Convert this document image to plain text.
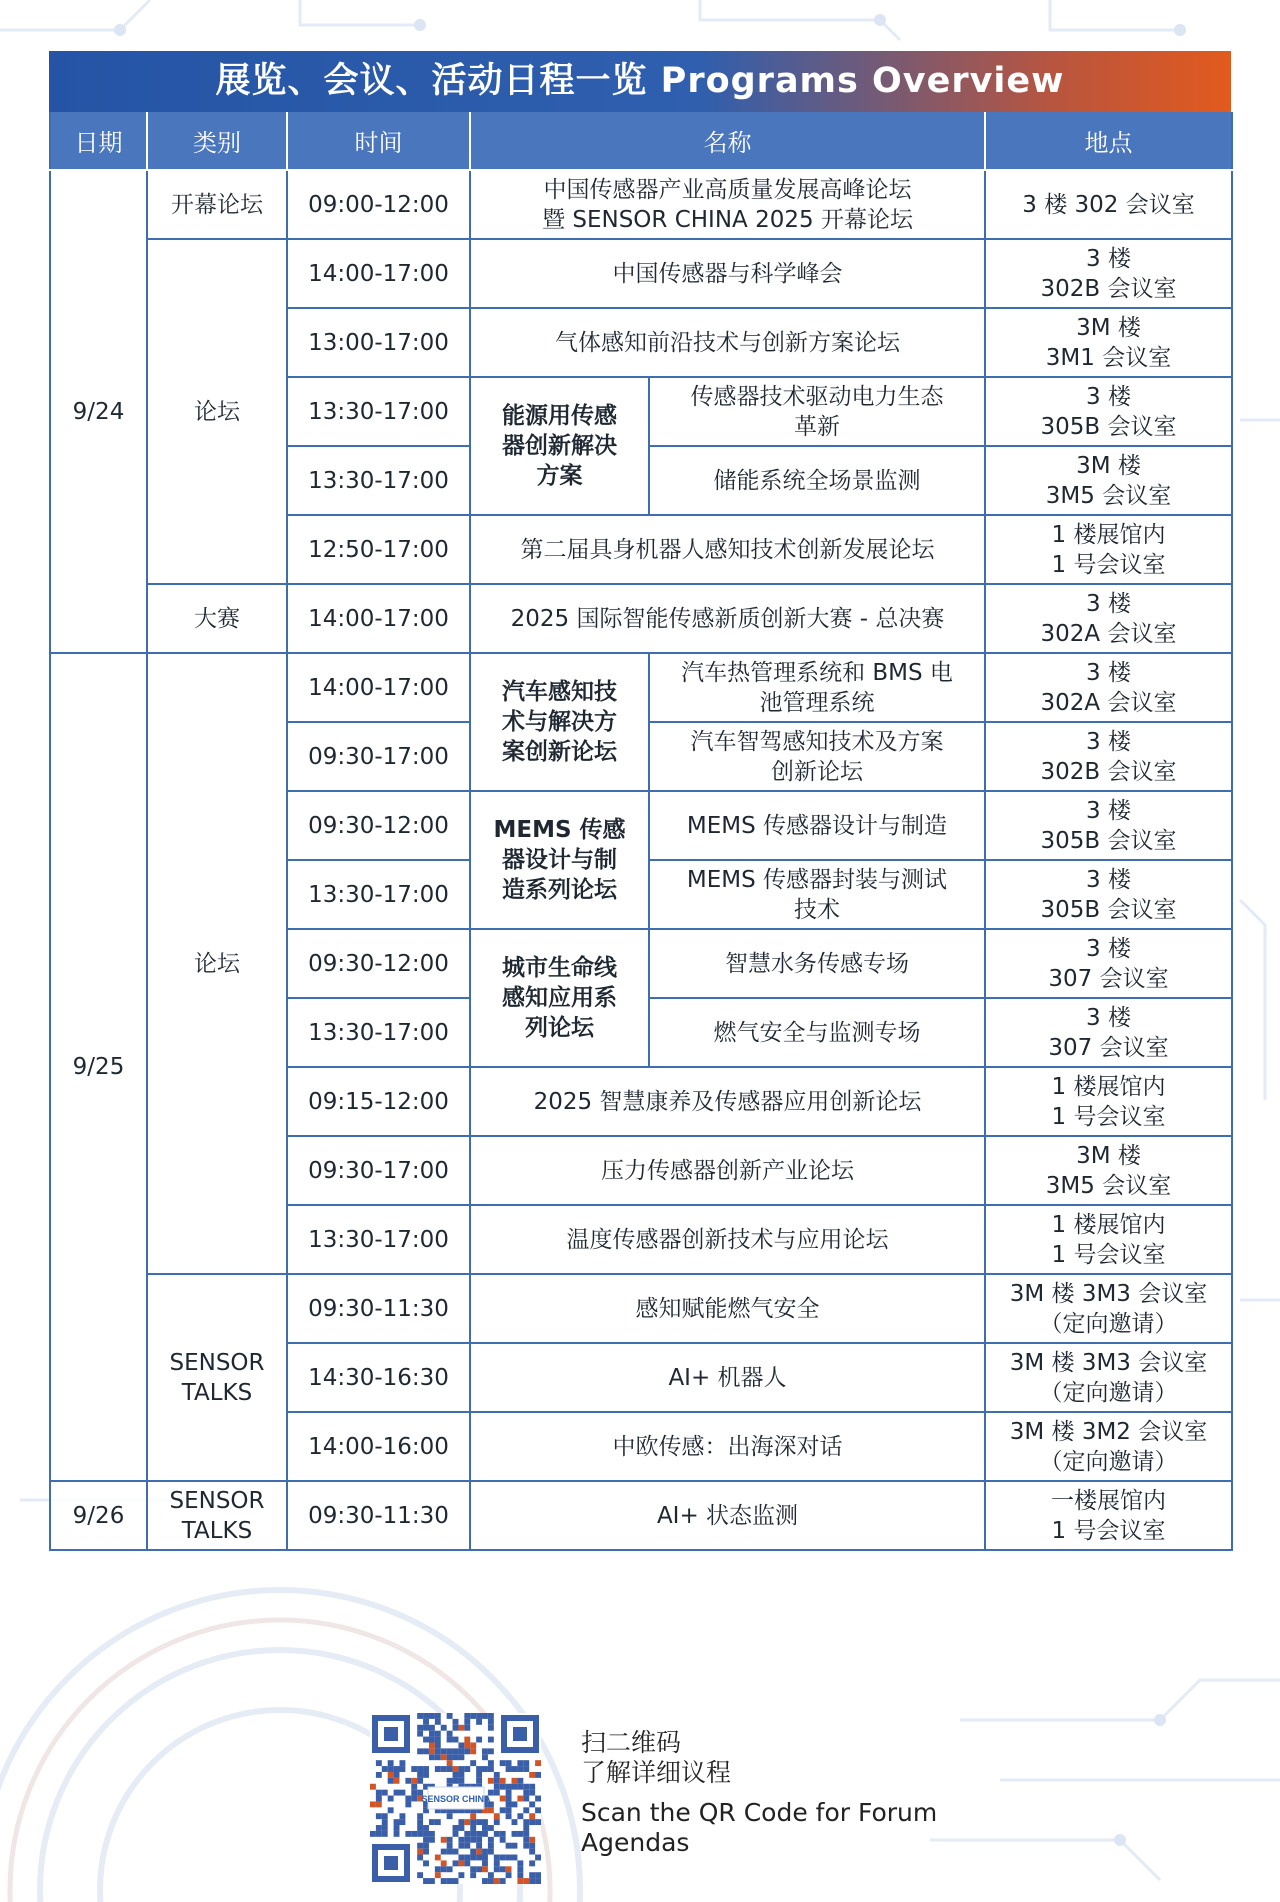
展览、会议、活动日程一览 Programs Overview
日期	类别	时间	名称		地点
9/24	开幕论坛	09:00-12:00	中国传感器产业高质量发展高峰论坛
暨 SENSOR CHINA 2025 开幕论坛		3 楼 302 会议室
	论坛	14:00-17:00	中国传感器与科学峰会		3 楼
302B 会议室
		13:00-17:00	气体感知前沿技术与创新方案论坛		3M 楼
3M1 会议室
		13:30-17:00	能源用传感
器创新解决
方案	传感器技术驱动电力生态
革新	3 楼
305B 会议室
		13:30-17:00		储能系统全场景监测	3M 楼
3M5 会议室
		12:50-17:00	第二届具身机器人感知技术创新发展论坛		1 楼展馆内
1 号会议室
	大赛	14:00-17:00	2025 国际智能传感新质创新大赛 - 总决赛		3 楼
302A 会议室
9/25	论坛	14:00-17:00	汽车感知技
术与解决方
案创新论坛	汽车热管理系统和 BMS 电
池管理系统	3 楼
302A 会议室
		09:30-17:00		汽车智驾感知技术及方案
创新论坛	3 楼
302B 会议室
		09:30-12:00	MEMS 传感
器设计与制
造系列论坛	MEMS 传感器设计与制造	3 楼
305B 会议室
		13:30-17:00		MEMS 传感器封装与测试
技术	3 楼
305B 会议室
		09:30-12:00	城市生命线
感知应用系
列论坛	智慧水务传感专场	3 楼
307 会议室
		13:30-17:00		燃气安全与监测专场	3 楼
307 会议室
		09:15-12:00	2025 智慧康养及传感器应用创新论坛		1 楼展馆内
1 号会议室
		09:30-17:00	压力传感器创新产业论坛		3M 楼
3M5 会议室
		13:30-17:00	温度传感器创新技术与应用论坛		1 楼展馆内
1 号会议室
	SENSOR
TALKS	09:30-11:30	感知赋能燃气安全		3M 楼 3M3 会议室
（定向邀请）
		14:30-16:30	AI+ 机器人		3M 楼 3M3 会议室
（定向邀请）
		14:00-16:00	中欧传感：出海深对话		3M 楼 3M2 会议室
（定向邀请）
9/26	SENSOR
TALKS	09:30-11:30	AI+ 状态监测		一楼展馆内
1 号会议室
SENSOR CHINA
扫二维码
了解详细议程
Scan the QR Code for Forum
Agendas
